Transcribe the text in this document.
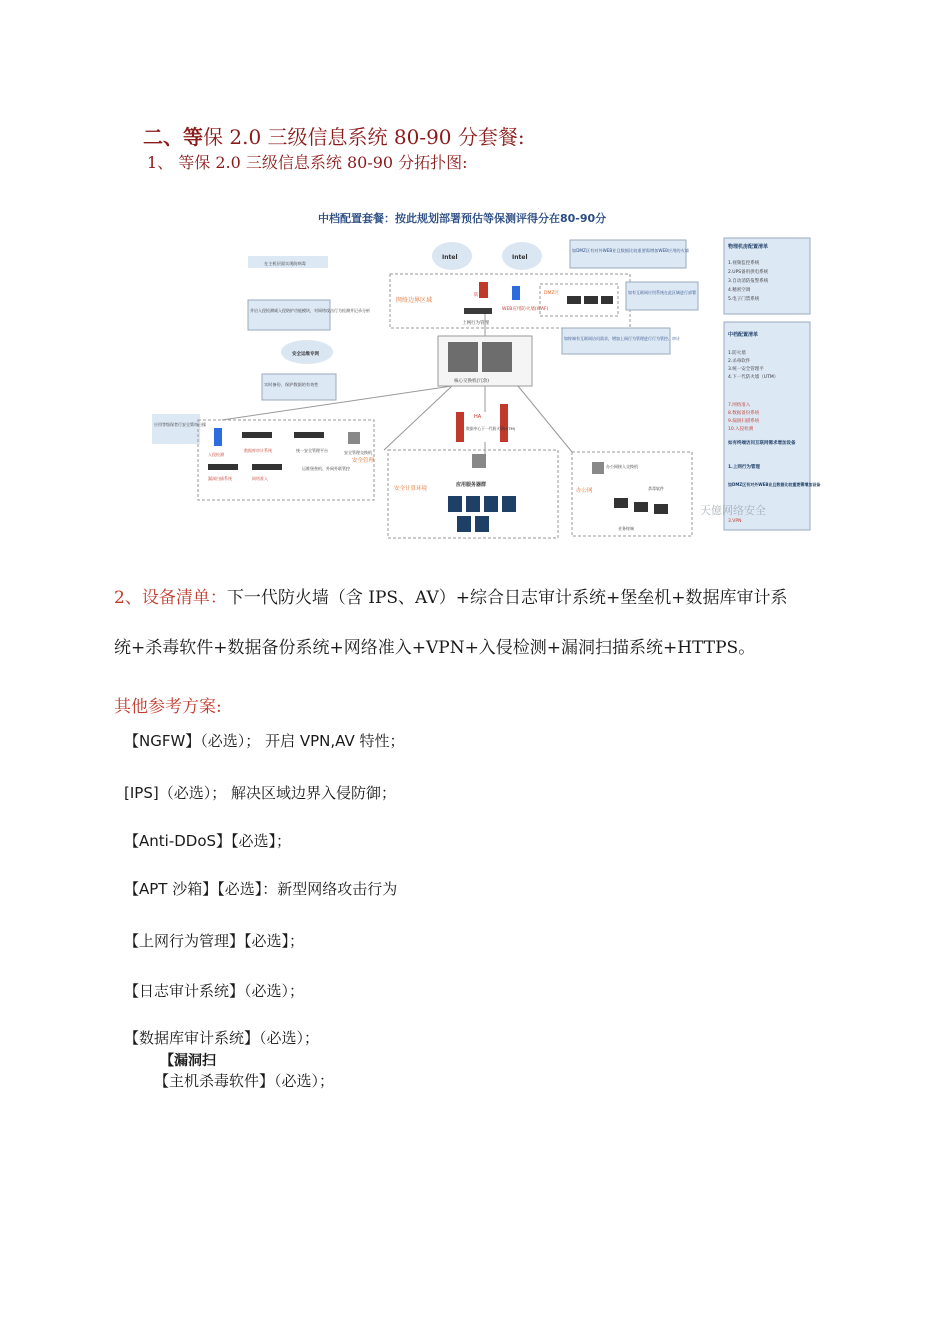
二、等保 2.0 三级信息系统 80-90 分套餐:
1、 等保 2.0 三级信息系统 80-90 分拓扑图:
中档配置套餐：按此规划部署预估等保测评得分在80-90分
网络边界区域
Intel	Intel
防火墙
WEB应用防火墙(WAF)
上网行为管理
DMZ区
如DMZ区有对外WEB业且数据比较重要需增加WEB应用的火墙
如有互联网应用系统在此区域进行部署
如终端有互联网访问需求，增加上网行为管理进行行为管控、审计
核心交换机(冗余)
在主机层面实现防病毒
并启入侵检测威入侵防护功能模块，对网络攻击行为检测并记录分析
安全运维专网
实时备份，保护数据的有效性
应用等级保者行安全策审日操
安全管理
入侵检测
数据库审计系统	统一安全管理平台	安全管理交换机
漏洞扫描系统	网络准入
运维堡垒机、外网外联管控
HA
数据中心下一代防火墙(UTM)
安全计算环境
应用服务器群
办公网
办公网接入交换机
杀毒软件
业务终端
物理机房配置清单
1.视频监控系统
2.UPS备用供电系统
3.自动消防报警系统
4.精密空调
5.电子门禁系统
中档配置清单
1.防火墙
2.杀毒软件
3.统一安全管理平
4.下一代防火墙（UTM）
7.网络准入
8.数据备份系统
9.漏洞扫描系统
10.入侵检测
如有终端访问互联网需求增加设备
1.上网行为管理
如DMZ区有对外WEB业且数据比较重要需增加设备
3.VPN
天億网络安全
2、设备清单：下一代防火墙（含 IPS、AV）+综合日志审计系统+堡垒机+数据库审计系
统+杀毒软件+数据备份系统+网络准入+VPN+入侵检测+漏洞扫描系统+HTTPS。
其他参考方案:
【NGFW】（必选）； 开启 VPN,AV 特性；
[IPS]（必选）； 解决区域边界入侵防御；
【Anti-DDoS】【必选】；
【APT 沙箱】【必选】：新型网络攻击行为
【上网行为管理】【必选】；
【日志审计系统】（必选）；
【数据库审计系统】（必选）；
【漏洞扫
【主机杀毒软件】（必选）；
